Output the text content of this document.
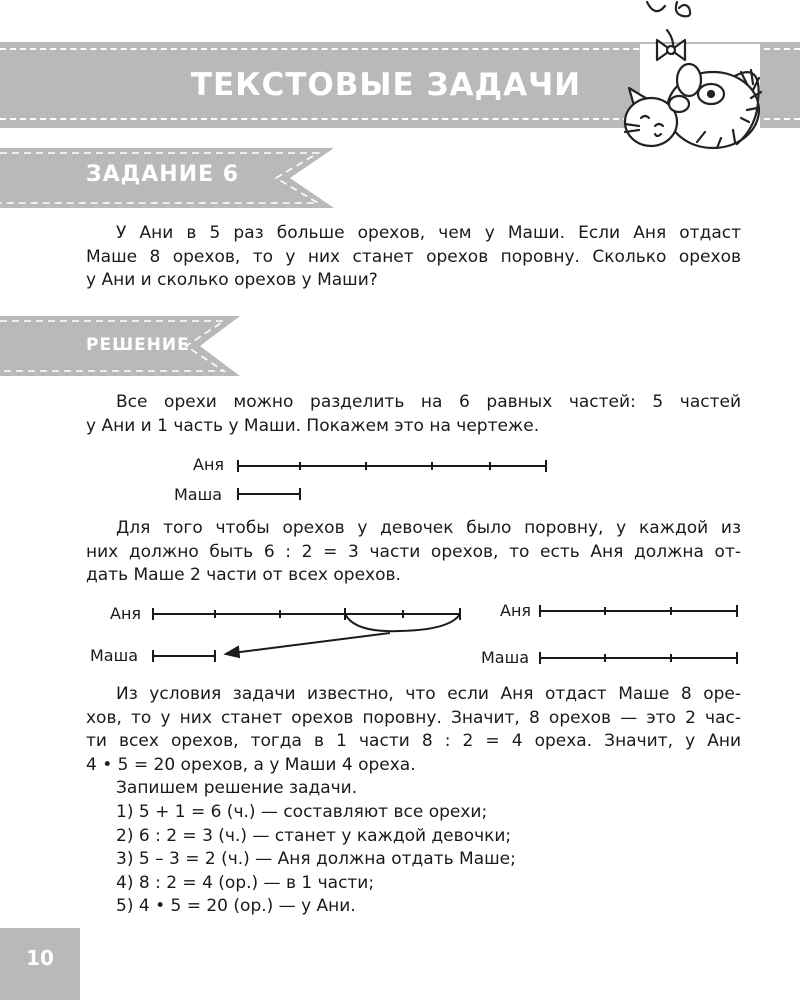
ТЕКСТОВЫЕ ЗАДАЧИ
ЗАДАНИЕ 6
У Ани в 5 раз больше орехов, чем у Маши. Если Аня отдаст
Маше 8 орехов, то у них станет орехов поровну. Сколько орехов
у Ани и сколько орехов у Маши?
РЕШЕНИЕ
Все орехи можно разделить на 6 равных частей: 5 частей
у Ани и 1 часть у Маши. Покажем это на чертеже.
Аня
Маша
Для того чтобы орехов у девочек было поровну, у каждой из
них должно быть 6 : 2 = 3 части орехов, то есть Аня должна от-
дать Маше 2 части от всех орехов.
Аня
Маша
Аня
Маша
Из условия задачи известно, что если Аня отдаст Маше 8 оре-
хов, то у них станет орехов поровну. Значит, 8 орехов — это 2 час-
ти всех орехов, тогда в 1 части 8 : 2 = 4 ореха. Значит, у Ани
4 • 5 = 20 орехов, а у Маши 4 ореха.
Запишем решение задачи.
1) 5 + 1 = 6 (ч.) — составляют все орехи;
2) 6 : 2 = 3 (ч.) — станет у каждой девочки;
3) 5 – 3 = 2 (ч.) — Аня должна отдать Маше;
4) 8 : 2 = 4 (ор.) — в 1 части;
5) 4 • 5 = 20 (ор.) — у Ани.
10
